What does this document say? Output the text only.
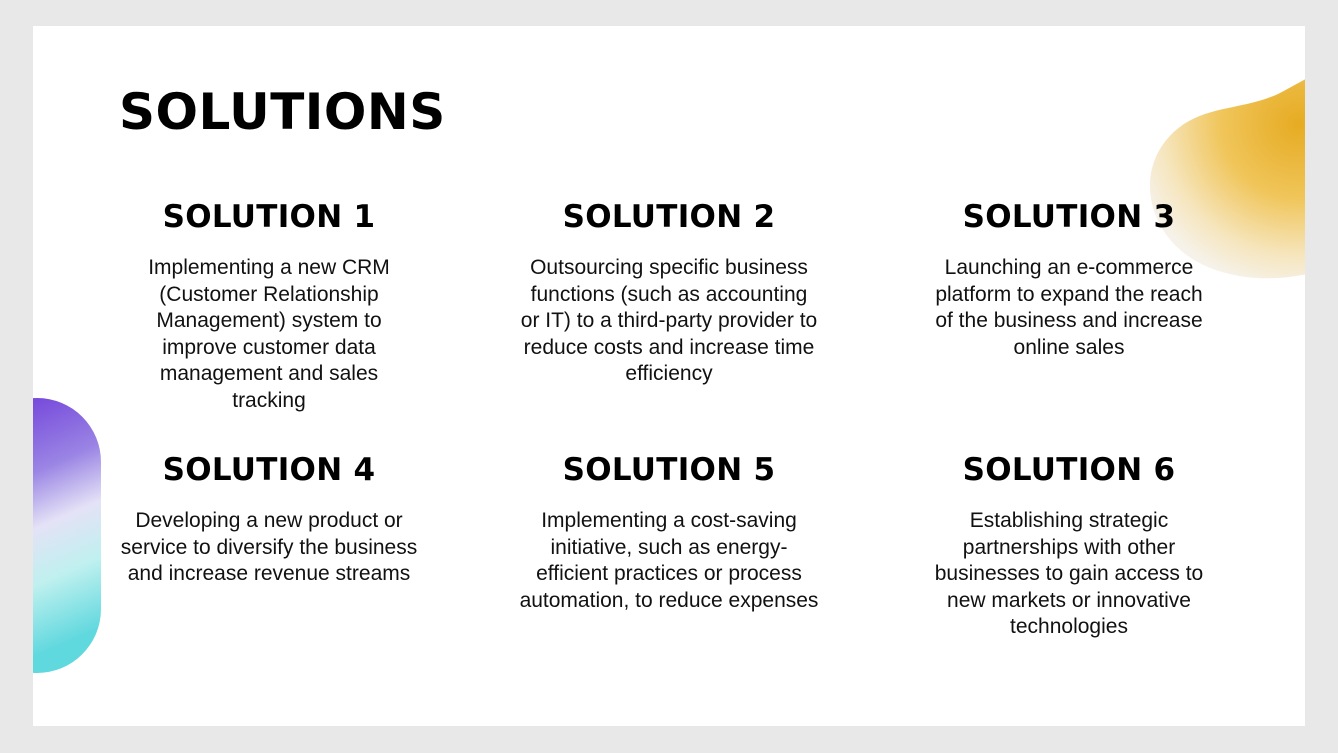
SOLUTIONS
SOLUTION 1

Implementing a new CRM (Customer Relationship Management) system to improve customer data management and sales tracking

SOLUTION 2

Outsourcing specific business functions (such as accounting or IT) to a third-party provider to reduce costs and increase time efficiency

SOLUTION 3

Launching an e-commerce platform to expand the reach of the business and increase online sales

SOLUTION 4

Developing a new product or service to diversify the business and increase revenue streams

SOLUTION 5

Implementing a cost-saving initiative, such as energy-efficient practices or process automation, to reduce expenses

SOLUTION 6

Establishing strategic partnerships with other businesses to gain access to new markets or innovative technologies
